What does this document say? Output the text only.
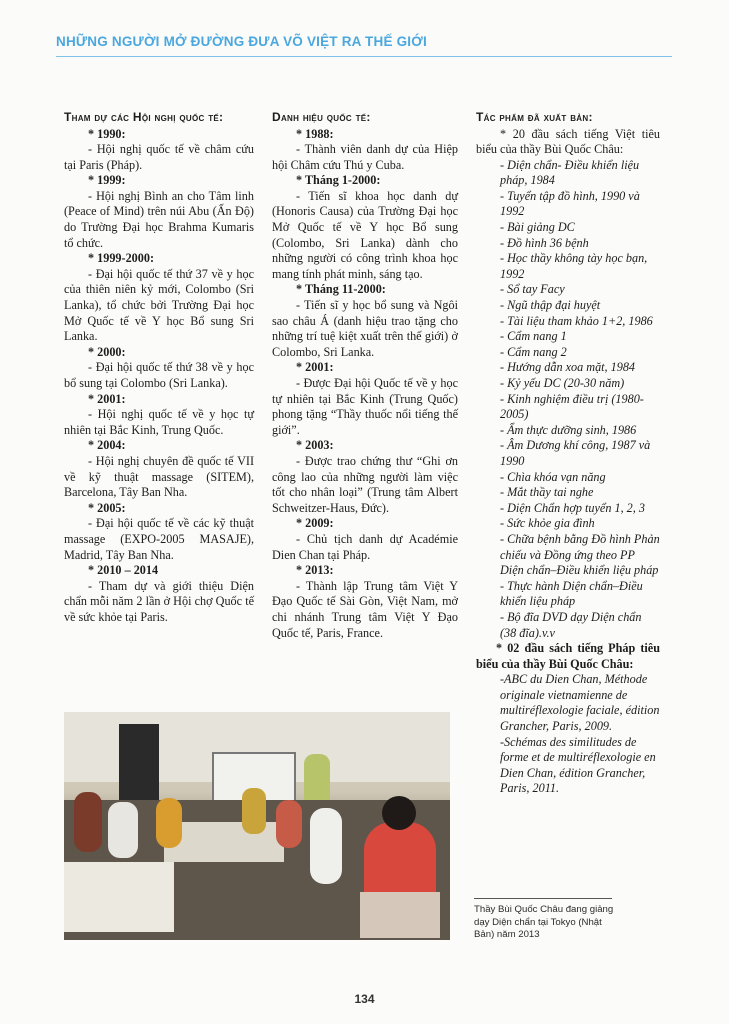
NHỮNG NGƯỜI MỞ ĐƯỜNG ĐƯA VÕ VIỆT RA THẾ GIỚI
Tham dự các Hội nghị quốc tế:
* 1990:

- Hội nghị quốc tế về châm cứu tại Paris (Pháp).

* 1999:

- Hội nghị Bình an cho Tâm linh (Peace of Mind) trên núi Abu (Ấn Độ) do Trường Đại học Brahma Kumaris tổ chức.

* 1999-2000:

- Đại hội quốc tế thứ 37 về y học của thiên niên kỷ mới, Colombo (Sri Lanka), tổ chức bởi Trường Đại học Mở Quốc tế về Y học Bổ sung Sri Lanka.

* 2000:

- Đại hội quốc tế thứ 38 về y học bổ sung tại Colombo (Sri Lanka).

* 2001:

- Hội nghị quốc tế về y học tự nhiên tại Bắc Kinh, Trung Quốc.

* 2004:

- Hội nghị chuyên đề quốc tế VII về kỹ thuật massage (SITEM), Barcelona, Tây Ban Nha.

* 2005:

- Đại hội quốc tế về các kỹ thuật massage (EXPO-2005 MASAJE), Madrid, Tây Ban Nha.

* 2010 – 2014

- Tham dự và giới thiệu Diện chẩn mỗi năm 2 lần ở Hội chợ Quốc tế về sức khỏe tại Paris.

Danh hiệu quốc tế:
* 1988:

- Thành viên danh dự của Hiệp hội Châm cứu Thú y Cuba.

* Tháng 1-2000:

- Tiến sĩ khoa học danh dự (Honoris Causa) của Trường Đại học Mở Quốc tế về Y học Bổ sung (Colombo, Sri Lanka) dành cho những người có công trình khoa học mang tính phát minh, sáng tạo.

* Tháng 11-2000:

- Tiến sĩ y học bổ sung và Ngôi sao châu Á (danh hiệu trao tặng cho những trí tuệ kiệt xuất trên thế giới) ở Colombo, Sri Lanka.

* 2001:

- Được Đại hội Quốc tế về y học tự nhiên tại Bắc Kinh (Trung Quốc) phong tặng “Thầy thuốc nổi tiếng thế giới”.

* 2003:

- Được trao chứng thư “Ghi ơn công lao của những người làm việc tốt cho nhân loại” (Trung tâm Albert Schweitzer-Haus, Đức).

* 2009:

- Chủ tịch danh dự Académie Dien Chan tại Pháp.

* 2013:

- Thành lập Trung tâm Việt Y Đạo Quốc tế Sài Gòn, Việt Nam, mở chi nhánh Trung tâm Việt Y Đạo Quốc tế, Paris, France.

Tác phẩm đã xuất bản:

* 20 đầu sách tiếng Việt tiêu biểu của thầy Bùi Quốc Châu:

- Diện chẩn- Điều khiển liệu pháp, 1984

- Tuyển tập đồ hình, 1990 và 1992

- Bài giảng DC

- Đồ hình 36 bệnh

- Học thầy không tày học bạn, 1992

- Sổ tay Facy

- Ngũ thập đại huyệt

- Tài liệu tham khảo 1+2, 1986

- Cẩm nang 1

- Cẩm nang 2

- Hướng dẫn xoa mặt, 1984

- Kỷ yếu DC (20-30 năm)

- Kinh nghiệm điều trị (1980-2005)

- Ẩm thực dưỡng sinh, 1986

- Âm Dương khí công, 1987 và 1990

- Chìa khóa vạn năng

- Mắt thầy tai nghe

- Diện Chẩn hợp tuyển 1, 2, 3

- Sức khỏe gia đình

- Chữa bệnh bằng Đồ hình Phản chiếu và Đồng ứng theo PP Diện chẩn–Điều khiển liệu pháp

- Thực hành Diện chẩn–Điều khiển liệu pháp

- Bộ đĩa DVD dạy Diện chẩn (38 đĩa).v.v

* 02 đầu sách tiếng Pháp tiêu biểu của thầy Bùi Quốc Châu:

-ABC du Dien Chan, Méthode originale vietnamienne de multiréflexologie faciale, édition Grancher, Paris, 2009.

-Schémas des similitudes de forme et de multiréflexologie en Dien Chan, édition Grancher, Paris, 2011.

Thầy Bùi Quốc Châu đang giảng dạy Diện chẩn tại Tokyo (Nhật Bản) năm 2013
134
